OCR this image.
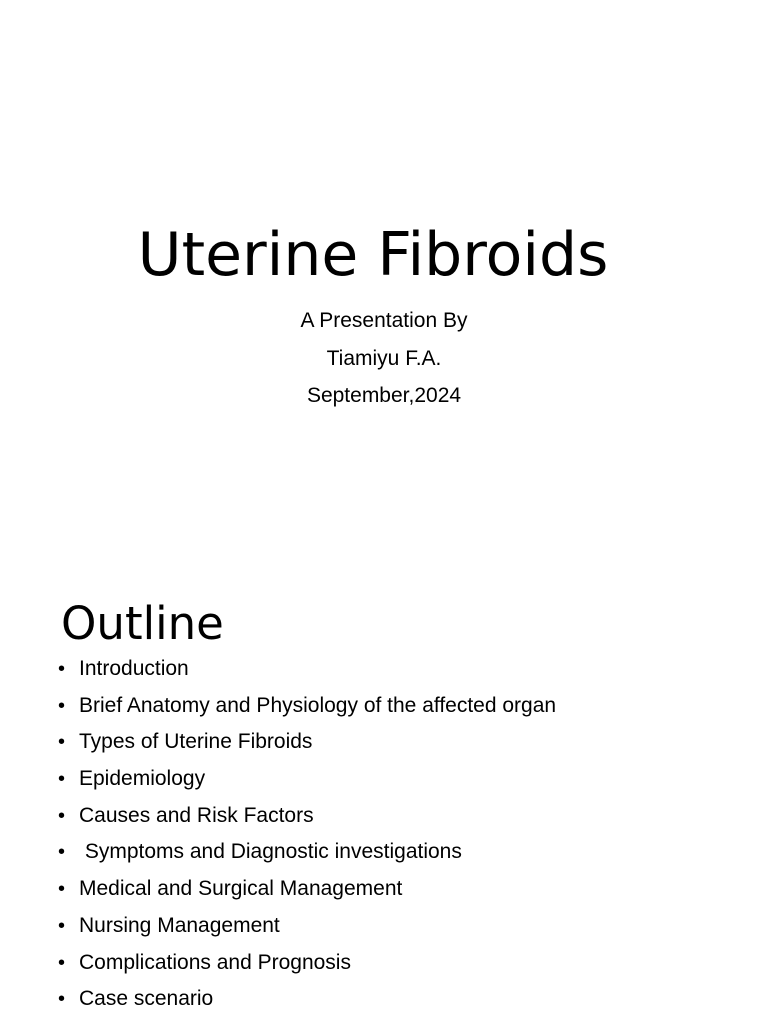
Uterine Fibroids
A Presentation By
Tiamiyu F.A.
September,2024
Outline
• Introduction
• Brief Anatomy and Physiology of the affected organ
• Types of Uterine Fibroids
• Epidemiology
• Causes and Risk Factors
• Symptoms and Diagnostic investigations
• Medical and Surgical Management
• Nursing Management
• Complications and Prognosis
• Case scenario
